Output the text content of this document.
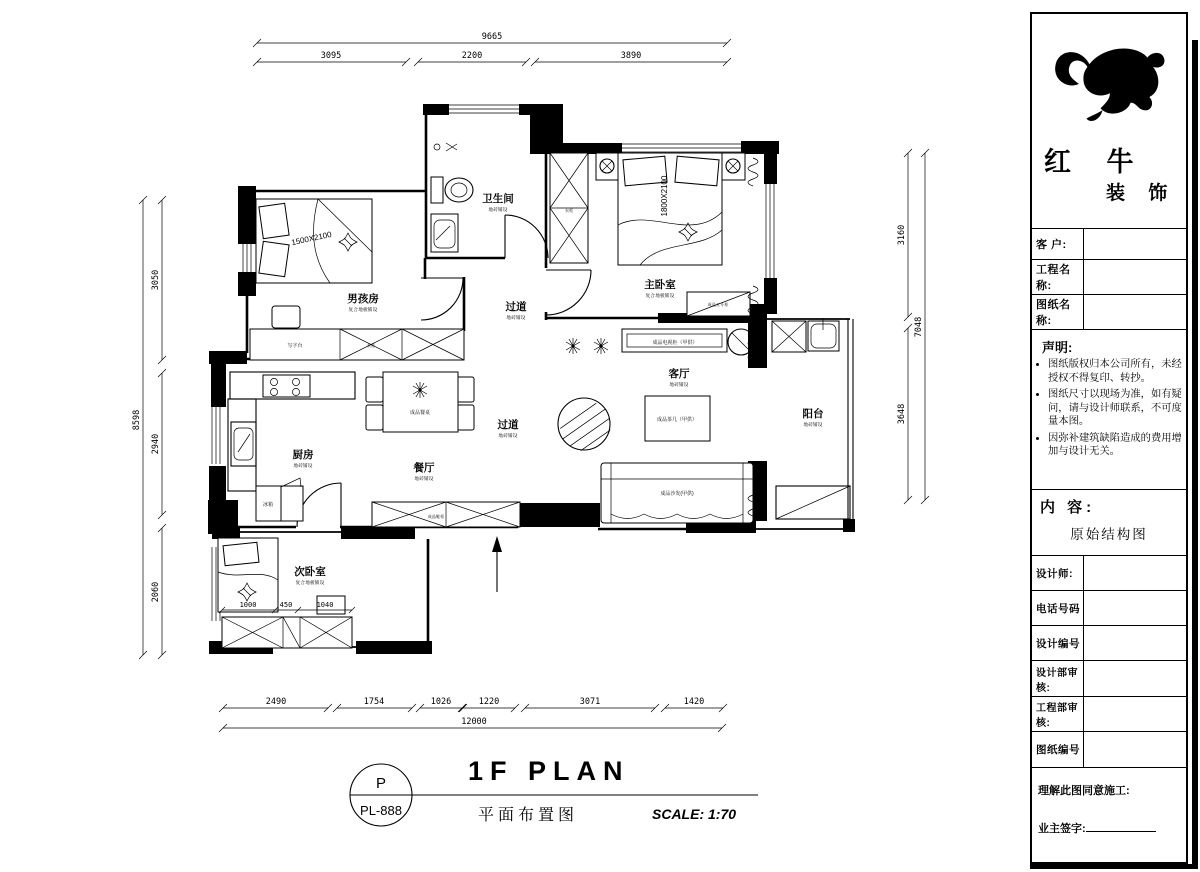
9665
3095	2200	3890
2490	1754	1026	1220	3071	1420
12000
8598
3050
2940
2060
3160
3648
7048
1500X2100
写字台	衣柜
1800X2100
衣柜
成品五斗柜
成品电视柜（甲供）
成品茶几（甲供）
成品沙发(甲供)
成品餐桌
冰箱
成品鞋柜
1000	450	1040
男孩房
复合地板铺设
卫生间
地砖铺设
主卧室
复合地板铺设
过道
地砖铺设
过道
地砖铺设
客厅
地砖铺设
阳台
地砖铺设
厨房
地砖铺设	餐厅
地砖铺设
次卧室
复合地板铺设
P
PL-888
1F PLAN
平面布置图	SCALE: 1:70
红 牛
装 饰
客 户:
工程名称:
图纸名称:
声明:
• 图纸版权归本公司所有，未经授权不得复印、转抄。
• 图纸尺寸以现场为准，如有疑问，请与设计师联系，不可度量本图。
• 因弥补建筑缺陷造成的费用增加与设计无关。
内 容:
原始结构图
设计师:
电话号码
设计编号
设计部审核:
工程部审核:
图纸编号
理解此图同意施工:
业主签字:
